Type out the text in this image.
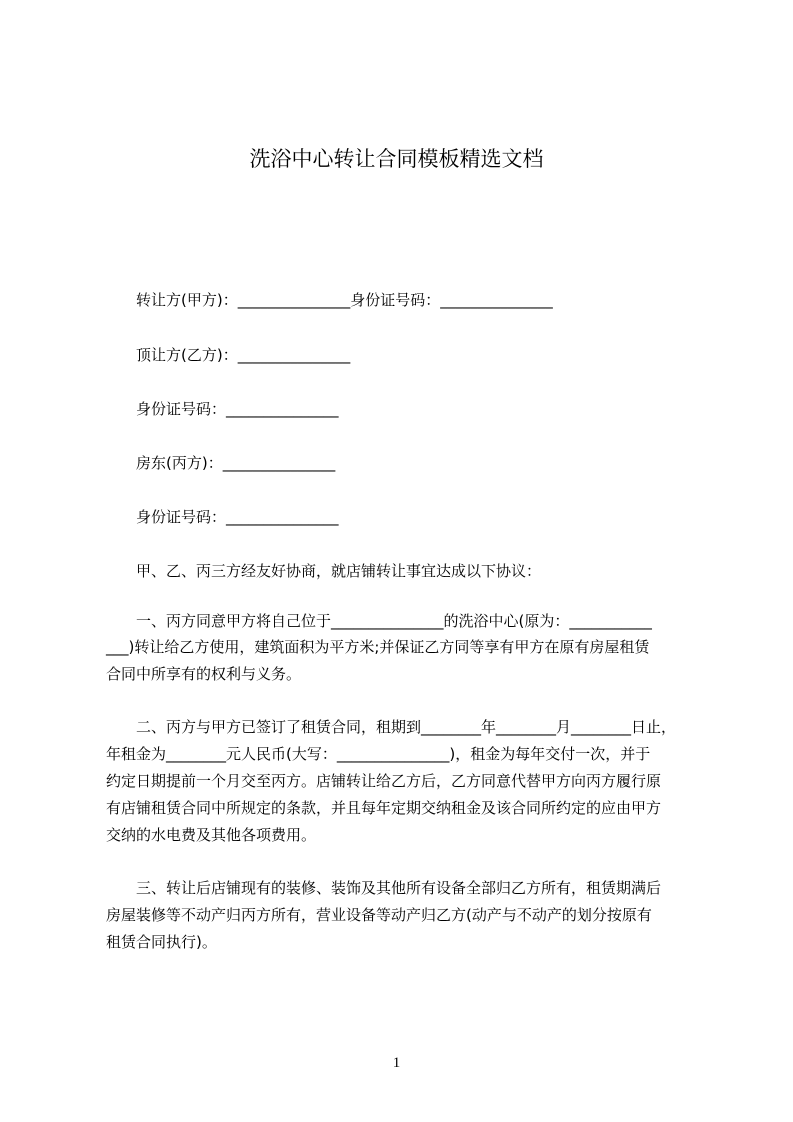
洗浴中心转让合同模板精选文档
转让方(甲方)：_______________身份证号码：_______________
顶让方(乙方)：_______________
身份证号码：_______________
房东(丙方)：_______________
身份证号码：_______________
甲、乙、丙三方经友好协商，就店铺转让事宜达成以下协议：
一、丙方同意甲方将自己位于_______________的洗浴中心(原为：___________
___)转让给乙方使用，建筑面积为平方米;并保证乙方同等享有甲方在原有房屋租赁
合同中所享有的权利与义务。
二、丙方与甲方已签订了租赁合同，租期到________年________月________日止，
年租金为________元人民币(大写：_______________)，租金为每年交付一次，并于
约定日期提前一个月交至丙方。店铺转让给乙方后，乙方同意代替甲方向丙方履行原
有店铺租赁合同中所规定的条款，并且每年定期交纳租金及该合同所约定的应由甲方
交纳的水电费及其他各项费用。
三、转让后店铺现有的装修、装饰及其他所有设备全部归乙方所有，租赁期满后
房屋装修等不动产归丙方所有，营业设备等动产归乙方(动产与不动产的划分按原有
租赁合同执行)。
1
